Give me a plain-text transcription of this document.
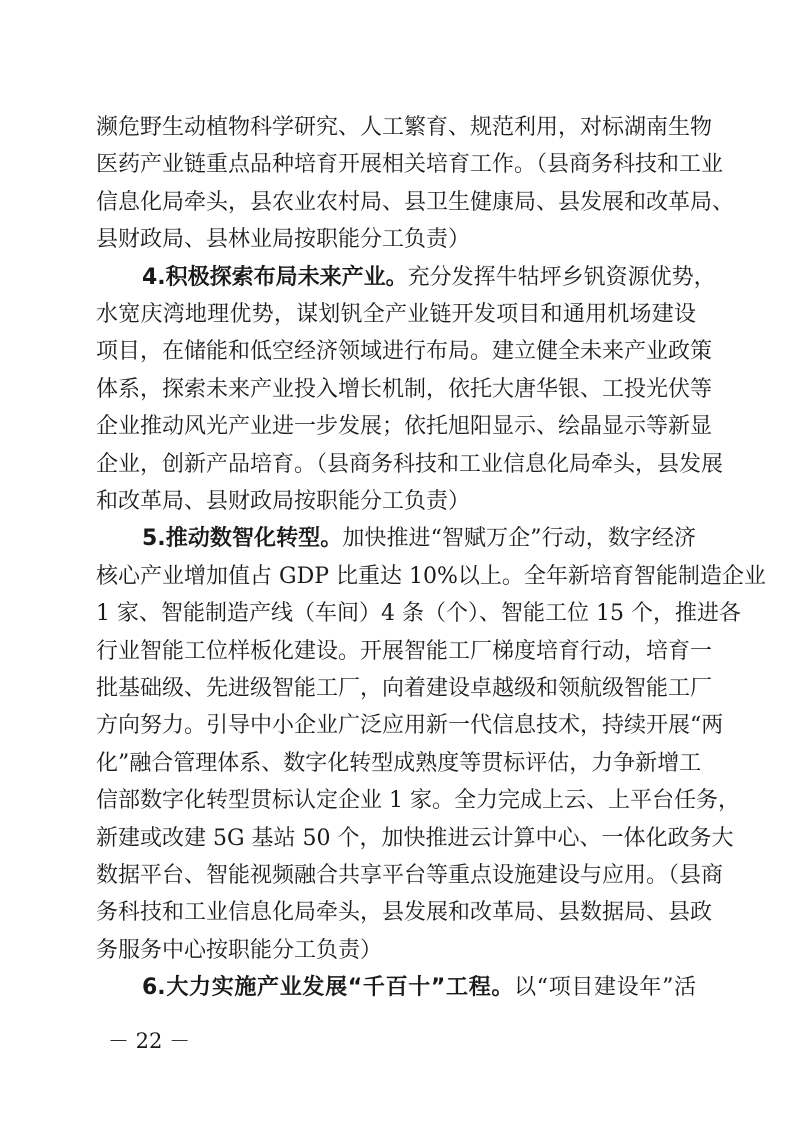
濒危野生动植物科学研究、人工繁育、规范利用，对标湖南生物
医药产业链重点品种培育开展相关培育工作。（县商务科技和工业
信息化局牵头，县农业农村局、县卫生健康局、县发展和改革局、
县财政局、县林业局按职能分工负责）
4.积极探索布局未来产业。充分发挥牛牯坪乡钒资源优势，
水宽庆湾地理优势，谋划钒全产业链开发项目和通用机场建设
项目，在储能和低空经济领域进行布局。建立健全未来产业政策
体系，探索未来产业投入增长机制，依托大唐华银、工投光伏等
企业推动风光产业进一步发展；依托旭阳显示、绘晶显示等新显
企业，创新产品培育。（县商务科技和工业信息化局牵头，县发展
和改革局、县财政局按职能分工负责）
5.推动数智化转型。加快推进“智赋万企”行动，数字经济
核心产业增加值占 GDP 比重达 10%以上。全年新培育智能制造企业
1 家、智能制造产线（车间）4 条（个）、智能工位 15 个，推进各
行业智能工位样板化建设。开展智能工厂梯度培育行动，培育一
批基础级、先进级智能工厂，向着建设卓越级和领航级智能工厂
方向努力。引导中小企业广泛应用新一代信息技术，持续开展“两
化”融合管理体系、数字化转型成熟度等贯标评估，力争新增工
信部数字化转型贯标认定企业 1 家。全力完成上云、上平台任务，
新建或改建 5G 基站 50 个，加快推进云计算中心、一体化政务大
数据平台、智能视频融合共享平台等重点设施建设与应用。（县商
务科技和工业信息化局牵头，县发展和改革局、县数据局、县政
务服务中心按职能分工负责）
6.大力实施产业发展“千百十”工程。以“项目建设年”活
－ 22 －
